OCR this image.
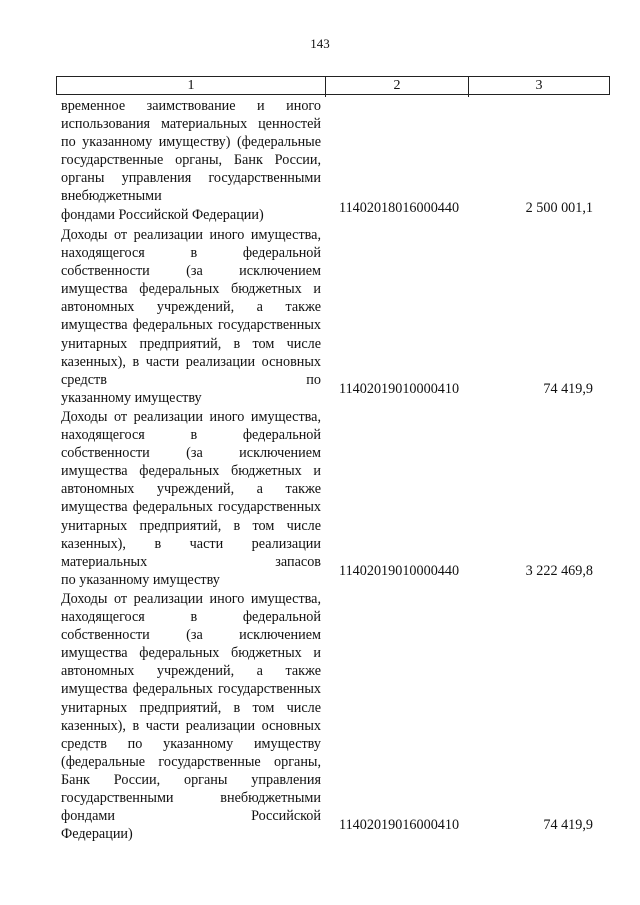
143
1	2	3
временное заимствование и иного использования материальных ценностей по указанному имуществу) (федеральные государственные органы, Банк России, органы управления государственными внебюджетными
фондами Российской Федерации)	11402018016000440	2 500 001,1
Доходы от реализации иного имущества, находящегося в федеральной собственности (за исключением имущества федеральных бюджетных и автономных учреждений, а также имущества федеральных государственных унитарных предприятий, в том числе казенных), в части реализации основных средств по
указанному имуществу
11402019010000410	74 419,9
Доходы от реализации иного имущества, находящегося в федеральной собственности (за исключением имущества федеральных бюджетных и автономных учреждений, а также имущества федеральных государственных унитарных предприятий, в том числе казенных), в части реализации материальных запасов
по указанному имуществу
11402019010000440	3 222 469,8
Доходы от реализации иного имущества, находящегося в федеральной собственности (за исключением имущества федеральных бюджетных и автономных учреждений, а также имущества федеральных государственных унитарных предприятий, в том числе казенных), в части реализации основных средств по указанному имуществу (федеральные государственные органы, Банк России, органы управления государственными внебюджетными фондами Российской
Федерации)
11402019016000410	74 419,9
